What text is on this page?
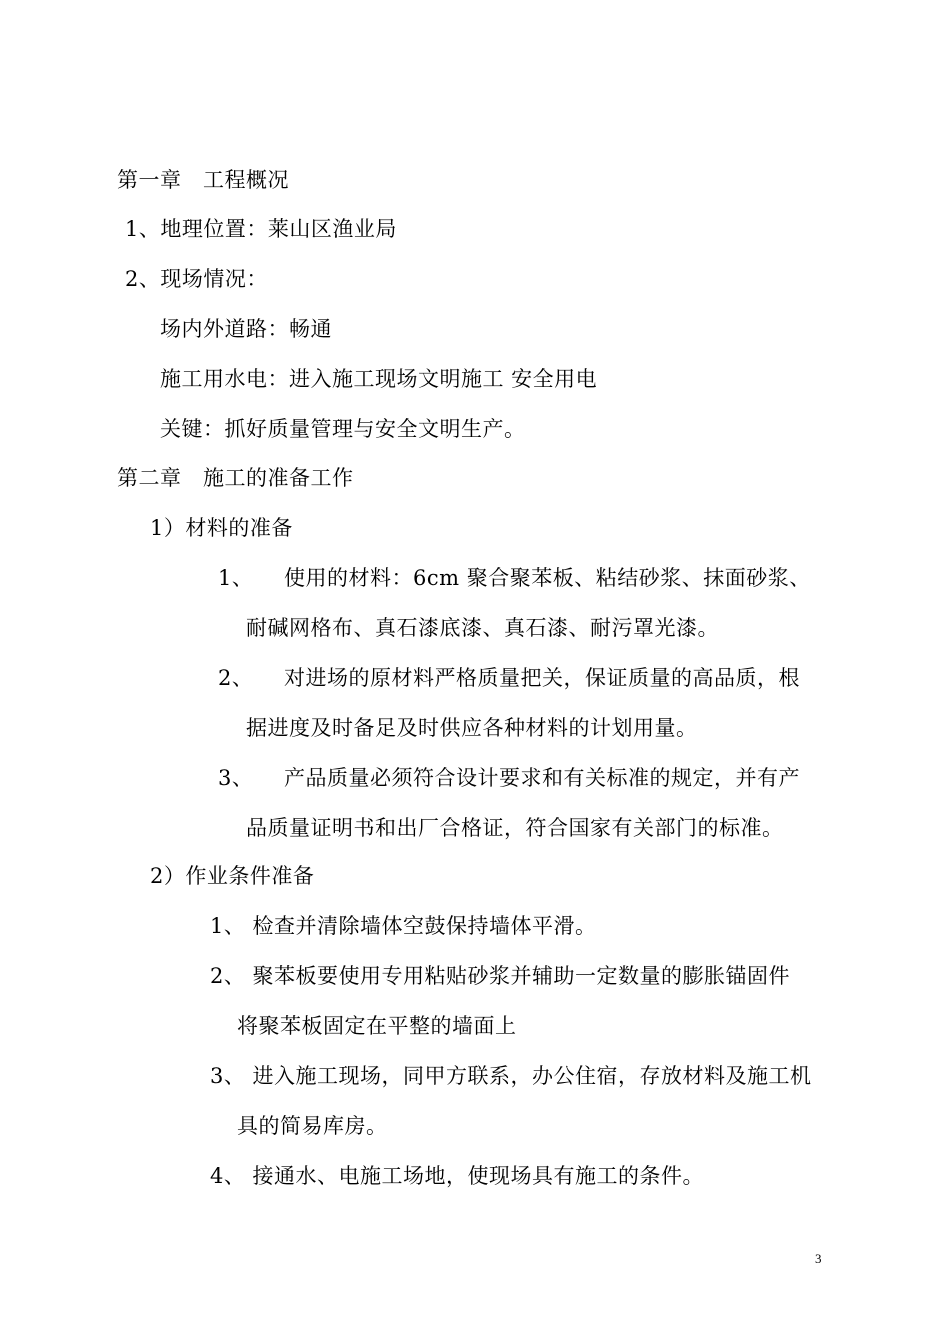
第一章　工程概况
1、地理位置：莱山区渔业局
2、现场情况：
场内外道路：畅通
施工用水电：进入施工现场文明施工 安全用电
关键：抓好质量管理与安全文明生产。
第二章　施工的准备工作
1）材料的准备
1、 使用的材料：6cm 聚合聚苯板、粘结砂浆、抹面砂浆、
耐碱网格布、真石漆底漆、真石漆、耐污罩光漆。
2、 对进场的原材料严格质量把关，保证质量的高品质，根
据进度及时备足及时供应各种材料的计划用量。
3、 产品质量必须符合设计要求和有关标准的规定，并有产
品质量证明书和出厂合格证，符合国家有关部门的标准。
2）作业条件准备
1、 检查并清除墙体空鼓保持墙体平滑。
2、 聚苯板要使用专用粘贴砂浆并辅助一定数量的膨胀锚固件
将聚苯板固定在平整的墙面上
3、 进入施工现场，同甲方联系，办公住宿，存放材料及施工机
具的简易库房。
4、 接通水、电施工场地，使现场具有施工的条件。
3
